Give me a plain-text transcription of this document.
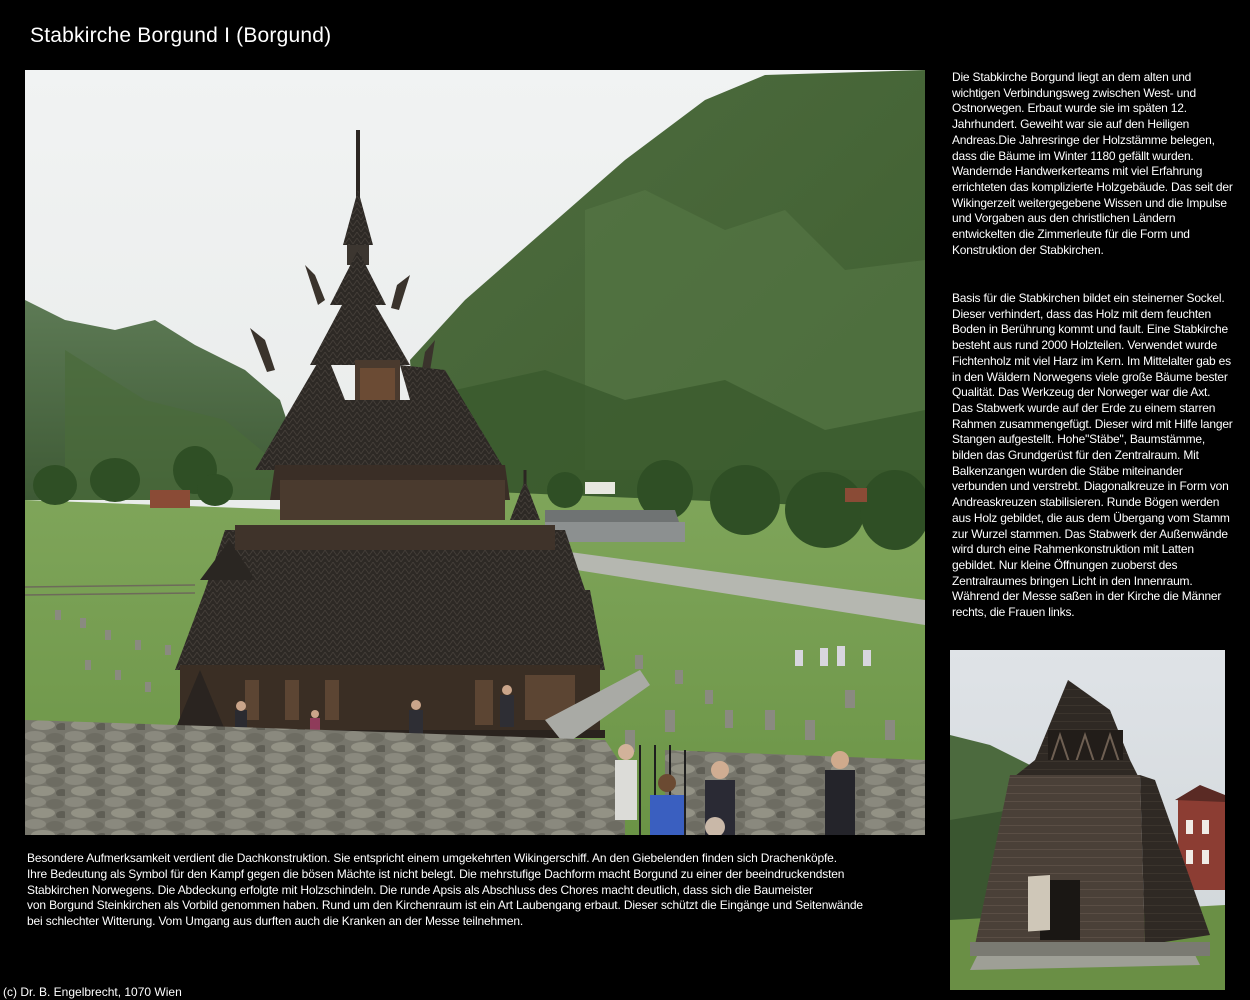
Stabkirche Borgund I (Borgund)
Die Stabkirche Borgund liegt an dem alten und wichtigen Verbindungsweg zwischen West- und Ostnorwegen. Erbaut wurde sie im späten 12. Jahrhundert. Geweiht war sie auf den Heiligen Andreas.Die Jahresringe der Holzstämme belegen, dass die Bäume im Winter 1180 gefällt wurden. Wandernde Handwerkerteams mit viel Erfahrung errichteten das komplizierte Holzgebäude. Das seit der Wikingerzeit weitergegebene Wissen und die Impulse und Vorgaben aus den christlichen Ländern entwickelten die Zimmerleute für die Form und Konstruktion der Stabkirchen.
Basis für die Stabkirchen bildet ein steinerner Sockel. Dieser verhindert, dass das Holz mit dem feuchten Boden in Berührung kommt und fault. Eine Stabkirche besteht aus rund 2000 Holzteilen. Verwendet wurde Fichtenholz mit viel Harz im Kern. Im Mittelalter gab es in den Wäldern Norwegens viele große Bäume bester Qualität. Das Werkzeug der Norweger war die Axt. Das Stabwerk wurde auf der Erde zu einem starren Rahmen zusammengefügt. Dieser wird mit Hilfe langer Stangen aufgestellt. Hohe"Stäbe", Baumstämme, bilden das Grundgerüst für den Zentralraum. Mit Balkenzangen wurden die Stäbe miteinander verbunden und verstrebt. Diagonalkreuze in Form von Andreaskreuzen stabilisieren. Runde Bögen werden aus Holz gebildet, die aus dem Übergang vom Stamm zur Wurzel stammen. Das Stabwerk der Außenwände wird durch eine Rahmenkonstruktion mit Latten gebildet. Nur kleine Öffnungen zuoberst des Zentralraumes bringen Licht in den Innenraum. Während der Messe saßen in der Kirche die Männer rechts, die Frauen links.
Besondere Aufmerksamkeit verdient die Dachkonstruktion. Sie entspricht einem umgekehrten Wikingerschiff. An den Giebelenden finden sich Drachenköpfe.
Ihre Bedeutung als Symbol für den Kampf gegen die bösen Mächte ist nicht belegt. Die mehrstufige Dachform macht Borgund zu einer der beeindruckendsten
Stabkirchen Norwegens. Die Abdeckung erfolgte mit Holzschindeln. Die runde Apsis als Abschluss des Chores macht deutlich, dass sich die Baumeister
von Borgund Steinkirchen als Vorbild genommen haben. Rund um den Kirchenraum ist ein Art Laubengang erbaut. Dieser schützt die Eingänge und Seitenwände
bei schlechter Witterung. Vom Umgang aus durften auch die Kranken an der Messe teilnehmen.
(c) Dr. B. Engelbrecht, 1070 Wien
